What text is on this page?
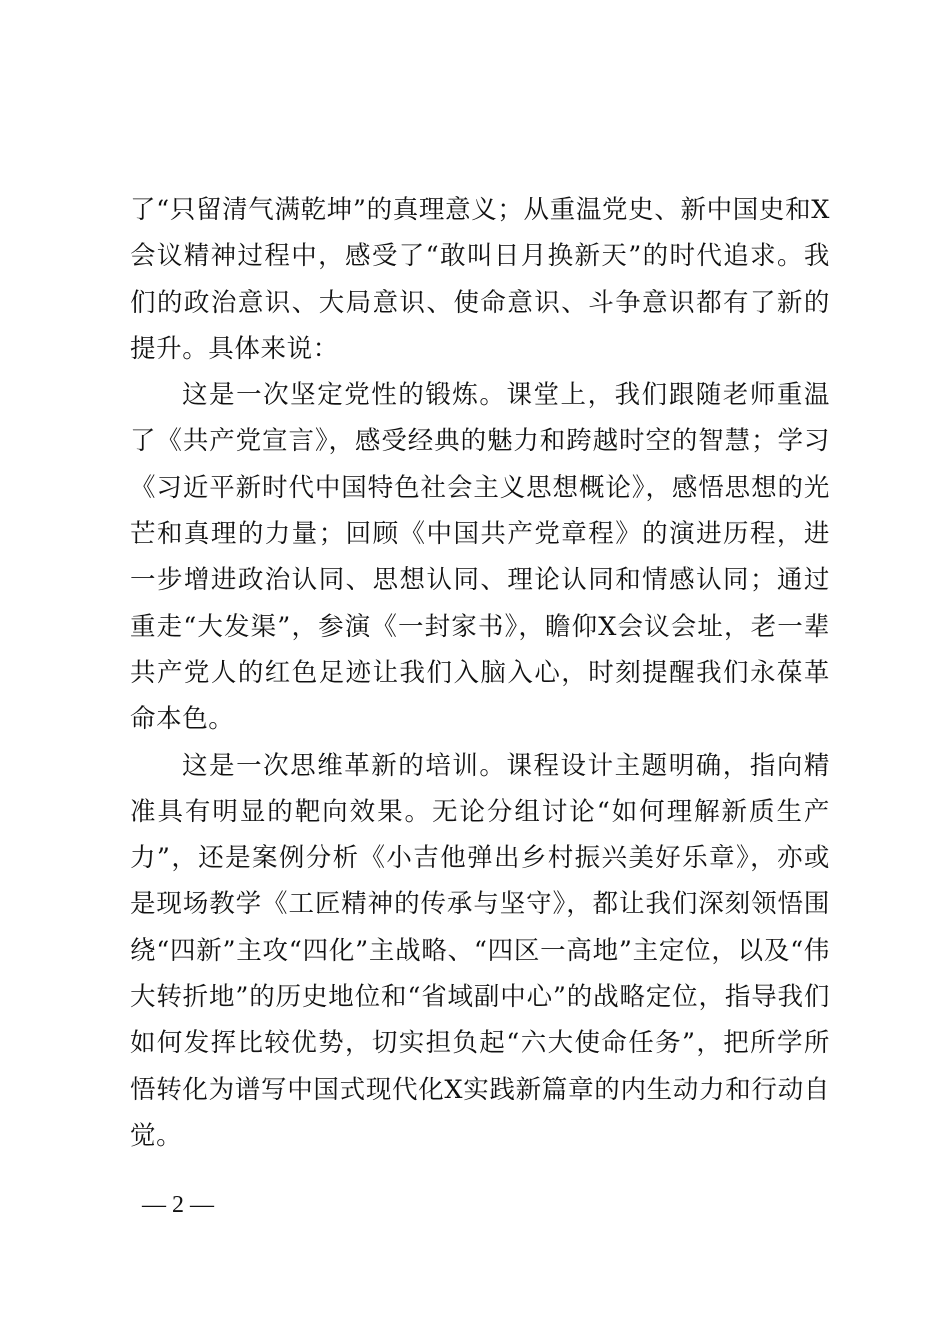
了“只留清气满乾坤”的真理意义；从重温党史、新中国史和X会议精神过程中，感受了“敢叫日月换新天”的时代追求。我们的政治意识、大局意识、使命意识、斗争意识都有了新的提升。具体来说：

这是一次坚定党性的锻炼。课堂上，我们跟随老师重温了《共产党宣言》，感受经典的魅力和跨越时空的智慧；学习《习近平新时代中国特色社会主义思想概论》，感悟思想的光芒和真理的力量；回顾《中国共产党章程》的演进历程，进一步增进政治认同、思想认同、理论认同和情感认同；通过重走“大发渠”，参演《一封家书》，瞻仰X会议会址，老一辈共产党人的红色足迹让我们入脑入心，时刻提醒我们永葆革命本色。

这是一次思维革新的培训。课程设计主题明确，指向精准具有明显的靶向效果。无论分组讨论“如何理解新质生产力”，还是案例分析《小吉他弹出乡村振兴美好乐章》，亦或是现场教学《工匠精神的传承与坚守》，都让我们深刻领悟围绕“四新”主攻“四化”主战略、“四区一高地”主定位，以及“伟大转折地”的历史地位和“省域副中心”的战略定位，指导我们如何发挥比较优势，切实担负起“六大使命任务”，把所学所悟转化为谱写中国式现代化X实践新篇章的内生动力和行动自觉。

— 2 —
